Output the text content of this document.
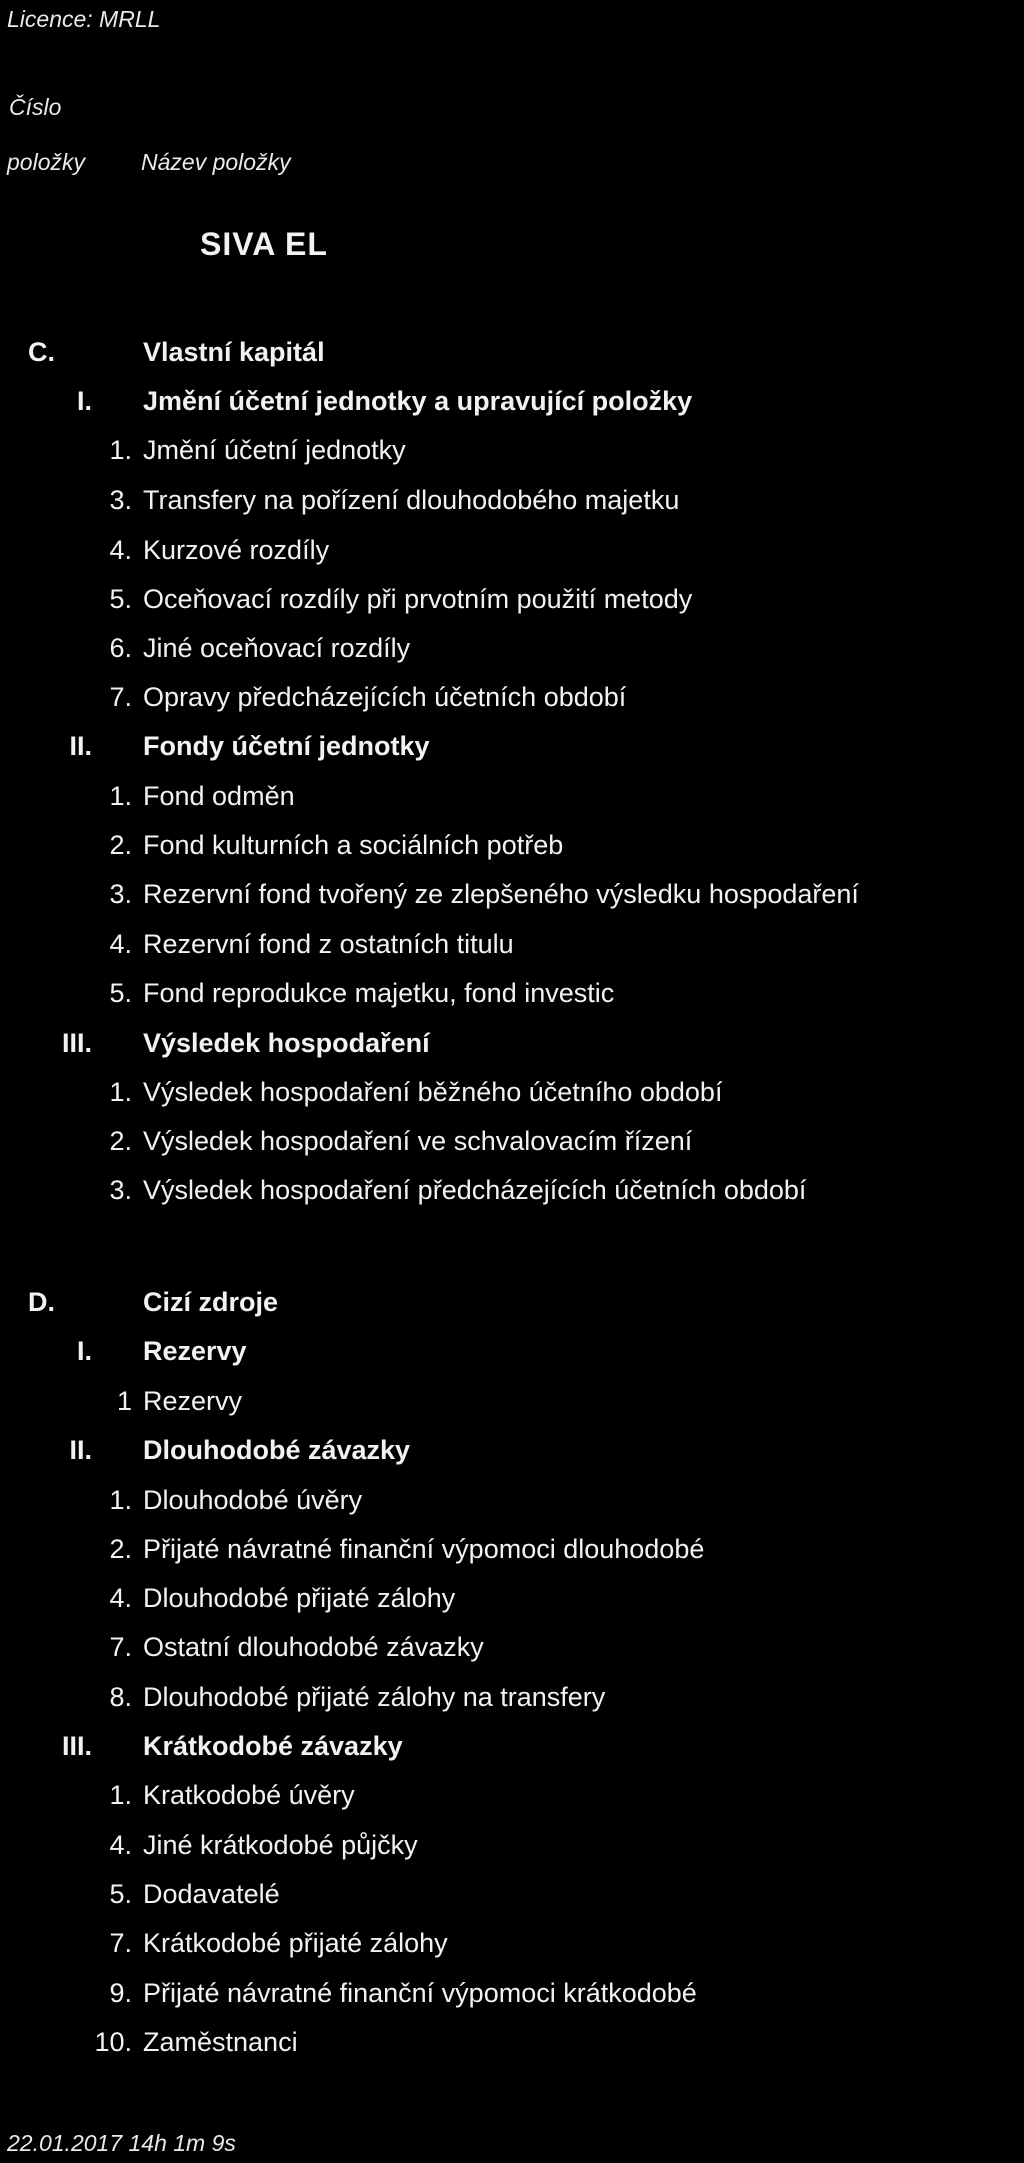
Licence: MRLL
Číslo
položky Název položky
SIVA EL
C.	Vlastní kapitál
I. Jmění účetní jednotky a upravující položky
1. Jmění účetní jednotky
3. Transfery na pořízení dlouhodobého majetku
4. Kurzové rozdíly
5. Oceňovací rozdíly při prvotním použití metody
6. Jiné oceňovací rozdíly
7. Opravy předcházejících účetních období
II. Fondy účetní jednotky
1. Fond odměn
2. Fond kulturních a sociálních potřeb
3. Rezervní fond tvořený ze zlepšeného výsledku hospodaření
4. Rezervní fond z ostatních titulu
5. Fond reprodukce majetku, fond investic
III. Výsledek hospodaření
1. Výsledek hospodaření běžného účetního období
2. Výsledek hospodaření ve schvalovacím řízení
3. Výsledek hospodaření předcházejících účetních období
D.	Cizí zdroje
I. Rezervy
1 Rezervy
II. Dlouhodobé závazky
1. Dlouhodobé úvěry
2. Přijaté návratné finanční výpomoci dlouhodobé
4. Dlouhodobé přijaté zálohy
7. Ostatní dlouhodobé závazky
8. Dlouhodobé přijaté zálohy na transfery
III. Krátkodobé závazky
1. Kratkodobé úvěry
4. Jiné krátkodobé půjčky
5. Dodavatelé
7. Krátkodobé přijaté zálohy
9. Přijaté návratné finanční výpomoci krátkodobé
10. Zaměstnanci
22.01.2017 14h 1m 9s
